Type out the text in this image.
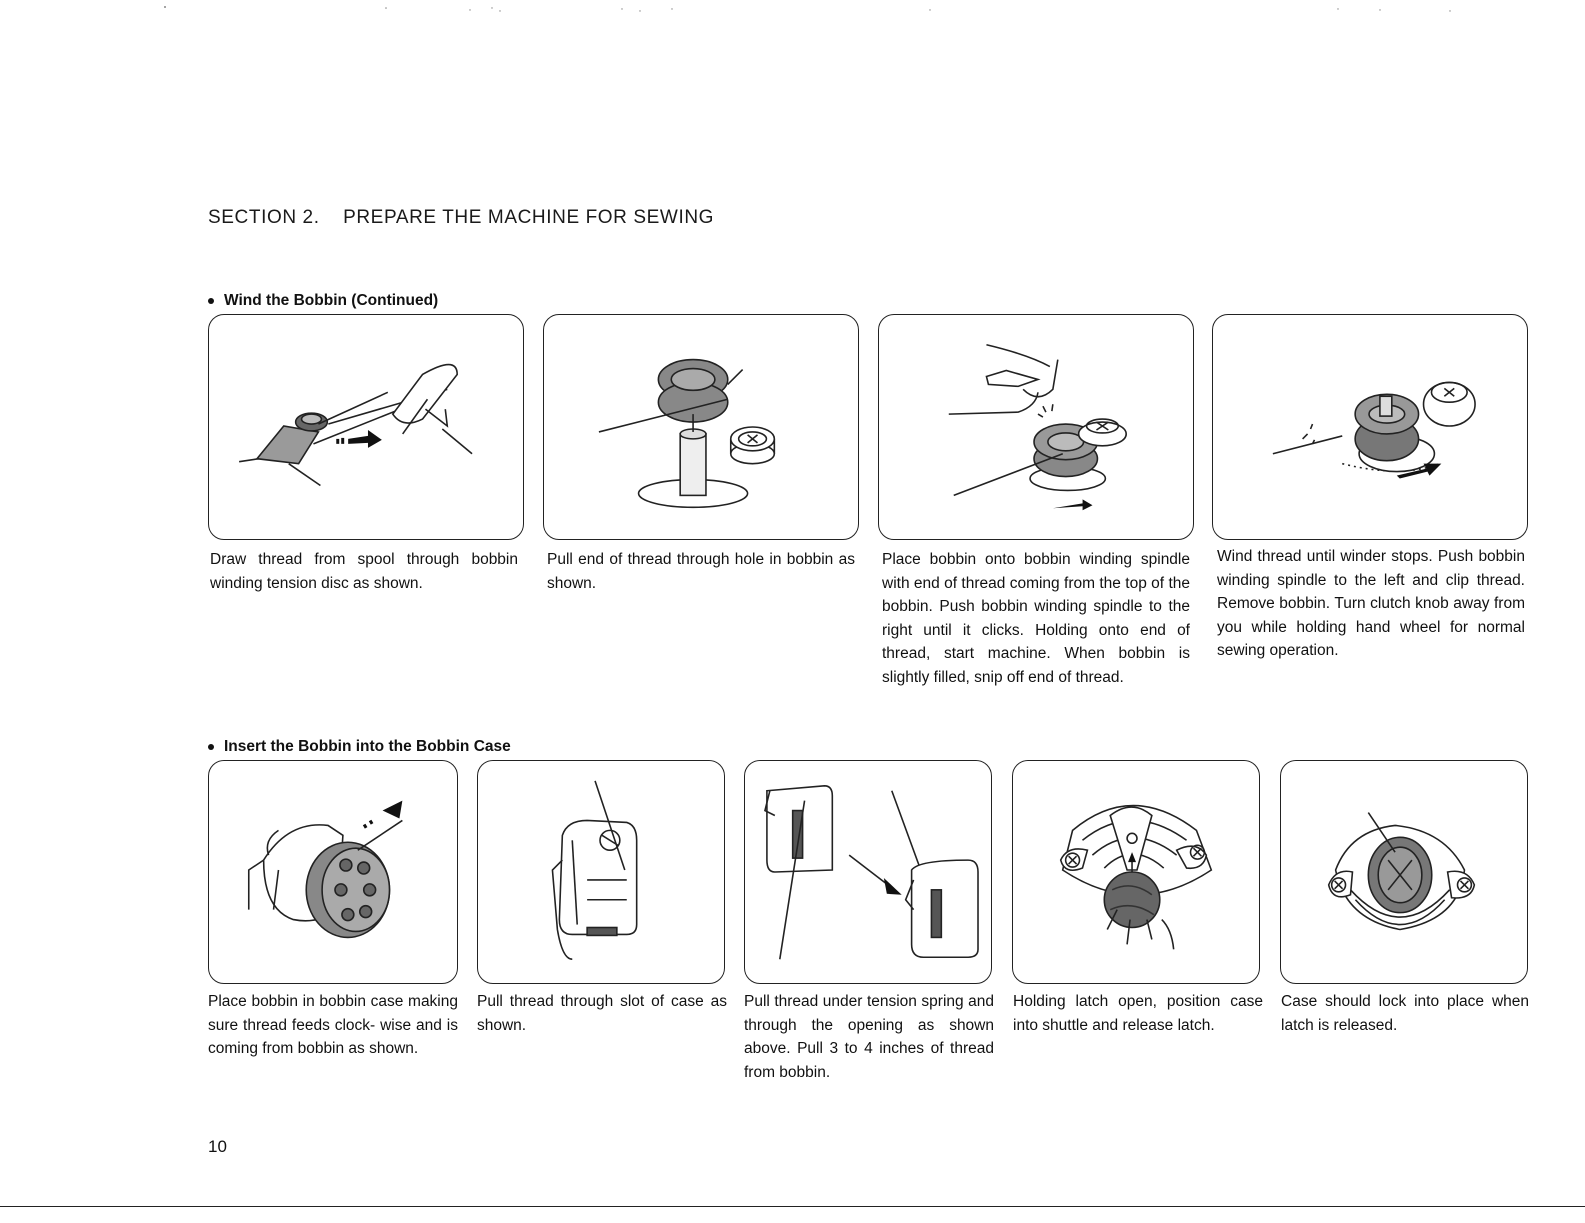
SECTION 2.    PREPARE THE MACHINE FOR SEWING
Wind the Bobbin (Continued)
Draw thread from spool through bobbin winding tension disc as shown.
Pull end of thread through hole in bobbin as shown.
Place bobbin onto bobbin winding spindle with end of thread coming from the top of the bobbin. Push bobbin winding spindle to the right until it clicks. Holding onto end of thread, start machine. When bobbin is slightly filled, snip off end of thread.
Wind thread until winder stops. Push bobbin winding spindle to the left and clip thread. Remove bobbin. Turn clutch knob away from you while holding hand wheel for normal sewing operation.
Insert the Bobbin into the Bobbin Case
Place bobbin in bobbin case making sure thread feeds clock- wise and is coming from bobbin as shown.
Pull thread through slot of case as shown.
Pull thread under tension spring and through the opening as shown above. Pull 3 to 4 inches of thread from bobbin.
Holding latch open, position case into shuttle and release latch.
Case should lock into place when latch is released.
10
